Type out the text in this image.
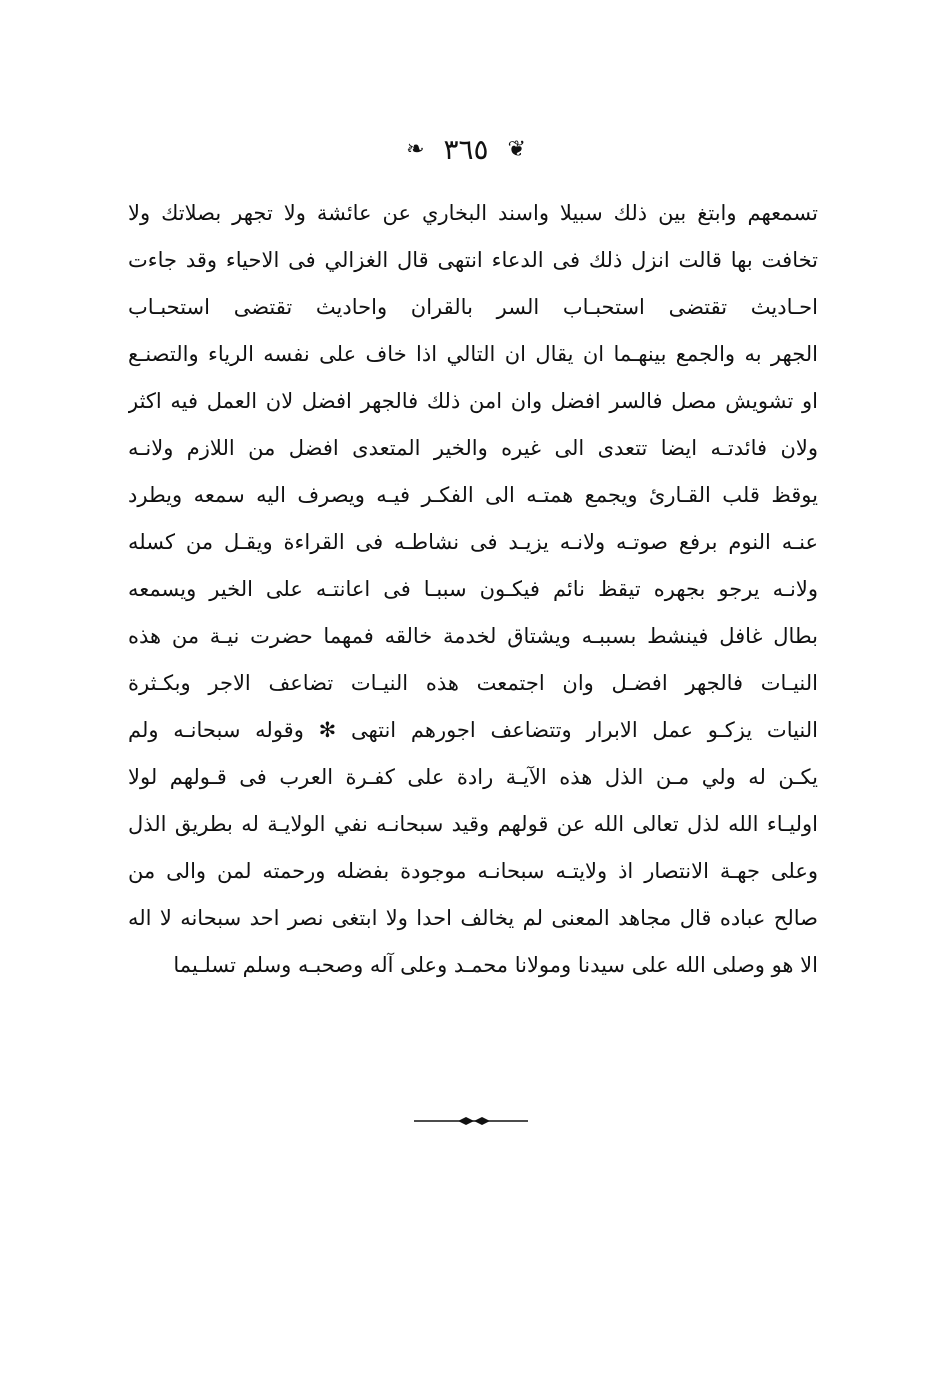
❦ ٣٦٥ ❧
تسمعهم وابتغ بين ذلك سبيلا واسند البخاري عن عائشة ولا تجهر بصلاتك ولا
تخافت بها قالت انزل ذلك فى الدعاء انتهى قال الغزالي فى الاحياء وقد جاءت
احـاديث تقتضى استحبـاب السر بالقران واحاديث تقتضى استحبـاب
الجهر به والجمع بينهـما ان يقال ان التالي اذا خاف على نفسه الرياء والتصنـع
او تشويش مصل فالسر افضل وان امن ذلك فالجهر افضل لان العمل فيه اكثر
ولان فائدتـه ايضا تتعدى الى غيره والخير المتعدى افضل من اللازم ولانـه
يوقظ قلب القـارئ ويجمع همتـه الى الفكـر فيـه ويصرف اليه سمعه ويطرد
عنـه النوم برفع صوتـه ولانـه يزيـد فى نشاطـه فى القراءة ويقـل من كسله
ولانـه يرجو بجهره تيقظ نائم فيكـون سببـا فى اعانتـه على الخير ويسمعه
بطال غافل فينشط بسببـه ويشتاق لخدمة خالقه فمهما حضرت نيـة من هذه
النيـات فالجهر افضـل وان اجتمعت هذه النيـات تضاعف الاجر وبكـثرة
النيات يزكـو عمل الابرار وتتضاعف اجورهم انتهى ✻ وقوله سبحانـه ولم
يكـن له ولي مـن الذل هذه الآيـة رادة على كفـرة العرب فى قـولهم لولا
اوليـاء الله لذل تعالى الله عن قولهم وقيد سبحانـه نفي الولايـة له بطريق الذل
وعلى جهـة الانتصار اذ ولايتـه سبحانـه موجودة بفضله ورحمته لمن والى من
صالح عباده قال مجاهد المعنى لم يخالف احدا ولا ابتغى نصر احد سبحانه لا اله
الا هو وصلى الله على سيدنا ومولانا محمـد وعلى آله وصحبـه وسلم تسلـيما
